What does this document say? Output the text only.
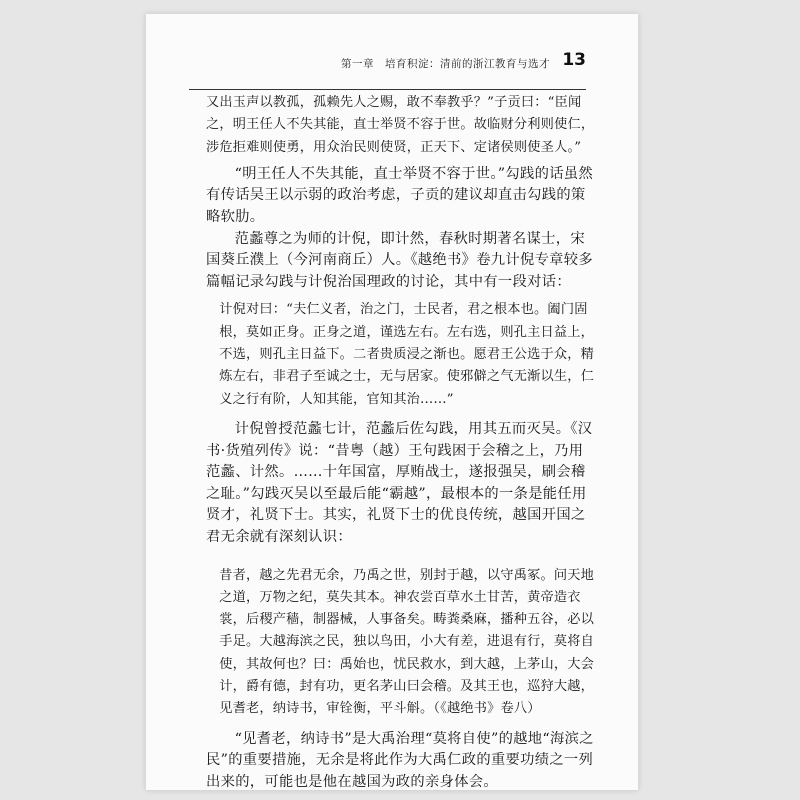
第一章　培育积淀：清前的浙江教育与选才 13

又出玉声以教孤，孤赖先人之赐，敢不奉教乎？”子贡曰：“臣闻之，明王任人不失其能，直士举贤不容于世。故临财分利则使仁，涉危拒难则使勇，用众治民则使贤，正天下、定诸侯则使圣人。”

“明王任人不失其能，直士举贤不容于世。”勾践的话虽然有传话吴王以示弱的政治考虑，子贡的建议却直击勾践的策略软肋。

范蠡尊之为师的计倪，即计然，春秋时期著名谋士，宋国葵丘濮上（今河南商丘）人。《越绝书》卷九计倪专章较多篇幅记录勾践与计倪治国理政的讨论，其中有一段对话：

计倪对曰：“夫仁义者，治之门，士民者，君之根本也。阖门固根，莫如正身。正身之道，谨选左右。左右选，则孔主日益上，不选，则孔主日益下。二者贵质浸之渐也。愿君王公选于众，精炼左右，非君子至诚之士，无与居家。使邪僻之气无渐以生，仁义之行有阶，人知其能，官知其治……”

计倪曾授范蠡七计，范蠡后佐勾践，用其五而灭吴。《汉书·货殖列传》说：“昔粤（越）王句践困于会稽之上，乃用范蠡、计然。……十年国富，厚贿战士，遂报强吴，刷会稽之耻。”勾践灭吴以至最后能“霸越”，最根本的一条是能任用贤才，礼贤下士。其实，礼贤下士的优良传统，越国开国之君无余就有深刻认识：

昔者，越之先君无余，乃禹之世，别封于越，以守禹冢。问天地之道，万物之纪，莫失其本。神农尝百草水土甘苦，黄帝造衣裳，后稷产穑，制器械，人事备矣。畴粪桑麻，播种五谷，必以手足。大越海滨之民，独以鸟田，小大有差，进退有行，莫将自使，其故何也？曰：禹始也，忧民救水，到大越，上茅山，大会计，爵有德，封有功，更名茅山曰会稽。及其王也，巡狩大越，见耆老，纳诗书，审铨衡，平斗斛。（《越绝书》卷八）

“见耆老，纳诗书”是大禹治理“莫将自使”的越地“海滨之民”的重要措施，无余是将此作为大禹仁政的重要功绩之一列出来的，可能也是他在越国为政的亲身体会。
